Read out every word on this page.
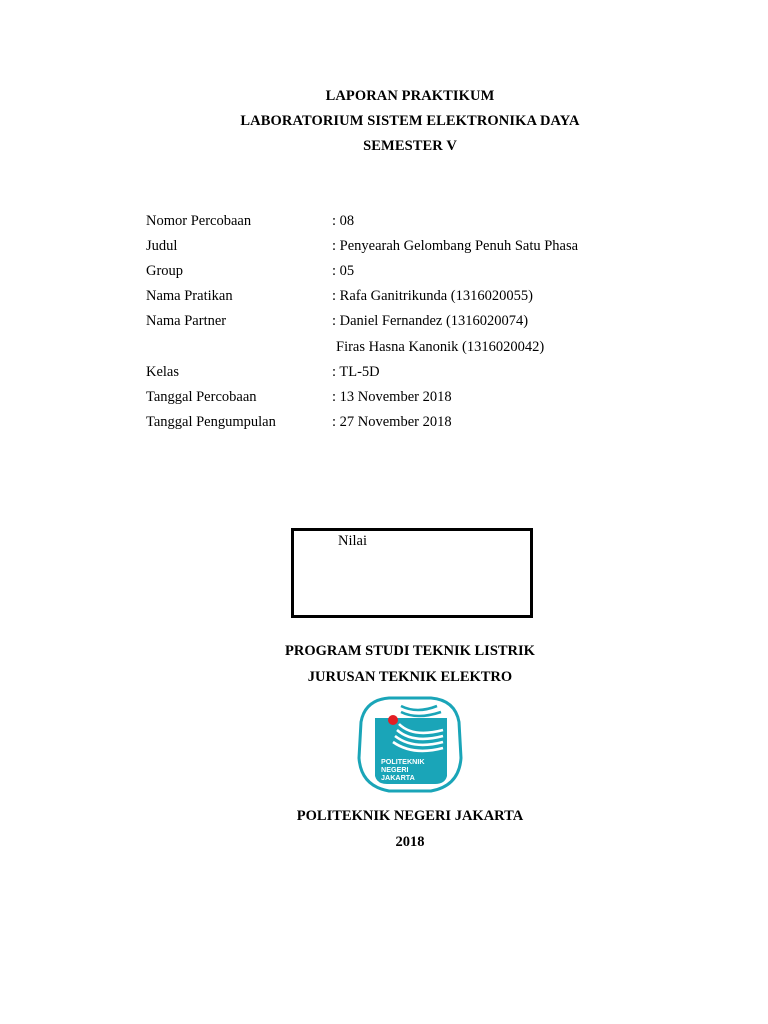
LAPORAN PRAKTIKUM
LABORATORIUM SISTEM ELEKTRONIKA DAYA
SEMESTER V
Nomor Percobaan	: 08
Judul	: Penyearah Gelombang Penuh Satu Phasa
Group	: 05
Nama Pratikan	: Rafa Ganitrikunda (1316020055)
Nama Partner	: Daniel Fernandez (1316020074)
Firas Hasna Kanonik (1316020042)
Kelas	: TL-5D
Tanggal Percobaan	: 13 November 2018
Tanggal Pengumpulan	: 27 November 2018
Nilai
PROGRAM STUDI TEKNIK LISTRIK
JURUSAN TEKNIK ELEKTRO
POLITEKNIK
NEGERI
JAKARTA
POLITEKNIK NEGERI JAKARTA
2018
